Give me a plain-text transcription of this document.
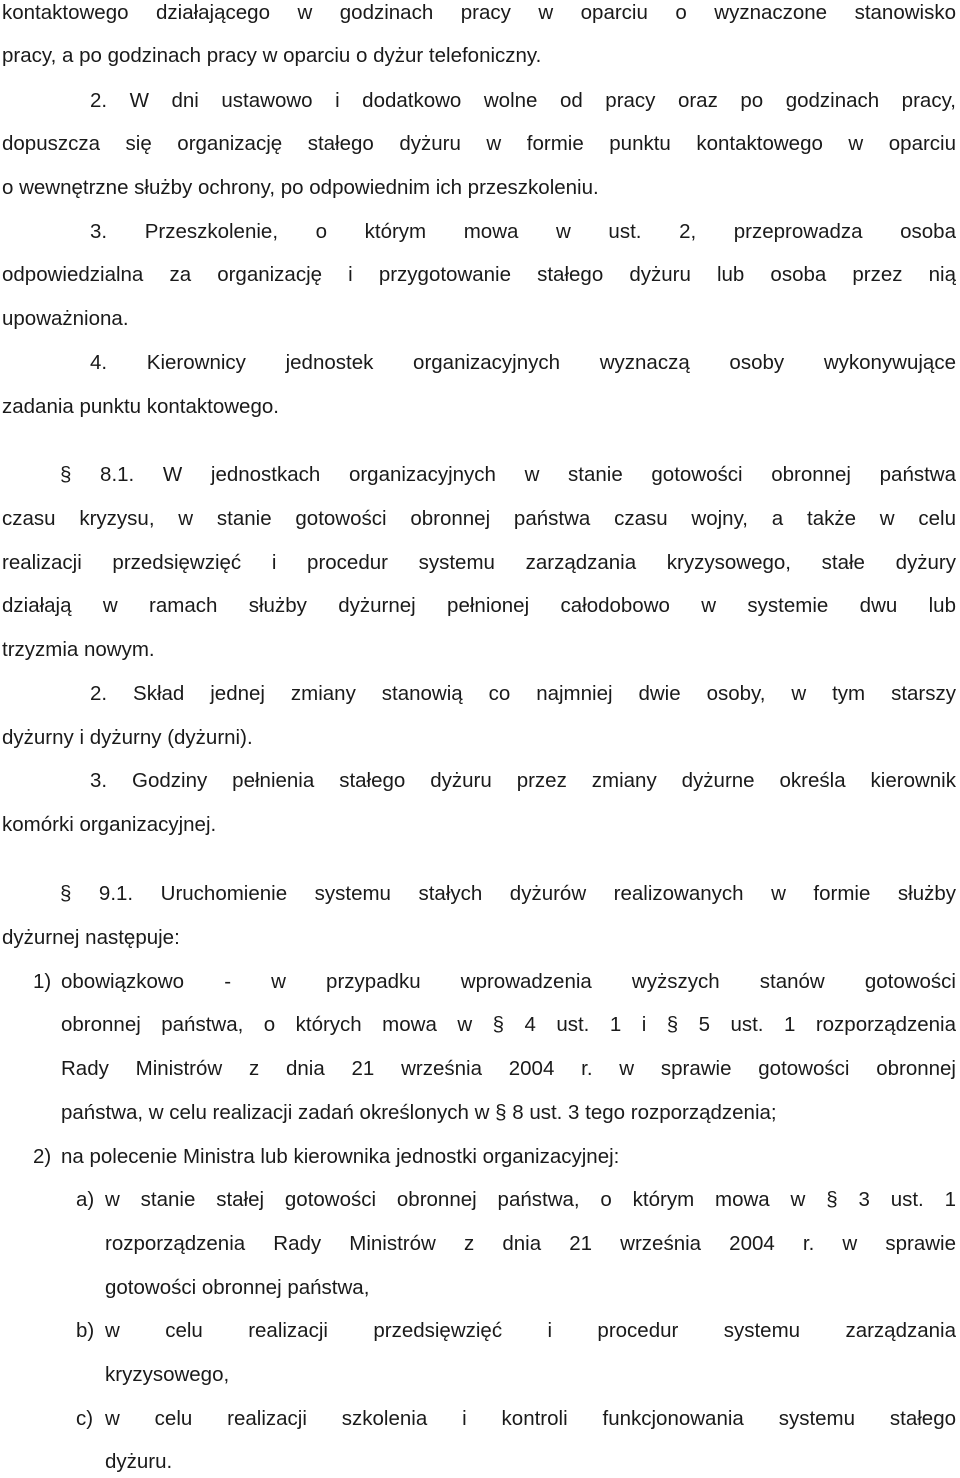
kontaktowego działającego w godzinach pracy w oparciu o wyznaczone stanowisko
pracy, a po godzinach pracy w oparciu o dyżur telefoniczny.
2. W dni ustawowo i dodatkowo wolne od pracy oraz po godzinach pracy,
dopuszcza się organizację stałego dyżuru w formie punktu kontaktowego w oparciu
o wewnętrzne służby ochrony, po odpowiednim ich przeszkoleniu.
3. Przeszkolenie, o którym mowa w ust. 2, przeprowadza osoba
odpowiedzialna za organizację i przygotowanie stałego dyżuru lub osoba przez nią
upoważniona.
4. Kierownicy jednostek organizacyjnych wyznaczą osoby wykonywujące
zadania punktu kontaktowego.
§ 8.1. W jednostkach organizacyjnych w stanie gotowości obronnej państwa
czasu kryzysu, w stanie gotowości obronnej państwa czasu wojny, a także w celu
realizacji przedsięwzięć i procedur systemu zarządzania kryzysowego, stałe dyżury
działają w ramach służby dyżurnej pełnionej całodobowo w systemie dwu lub
trzyzmia nowym.
2. Skład jednej zmiany stanowią co najmniej dwie osoby, w tym starszy
dyżurny i dyżurny (dyżurni).
3. Godziny pełnienia stałego dyżuru przez zmiany dyżurne określa kierownik
komórki organizacyjnej.
§ 9.1. Uruchomienie systemu stałych dyżurów realizowanych w formie służby
dyżurnej następuje:
1) obowiązkowo - w przypadku wprowadzenia wyższych stanów gotowości
obronnej państwa, o których mowa w § 4 ust. 1 i § 5 ust. 1 rozporządzenia
Rady Ministrów z dnia 21 września 2004 r. w sprawie gotowości obronnej
państwa, w celu realizacji zadań określonych w § 8 ust. 3 tego rozporządzenia;
2) na polecenie Ministra lub kierownika jednostki organizacyjnej:
a) w stanie stałej gotowości obronnej państwa, o którym mowa w § 3 ust. 1
rozporządzenia Rady Ministrów z dnia 21 września 2004 r. w sprawie
gotowości obronnej państwa,
b) w celu realizacji przedsięwzięć i procedur systemu zarządzania
kryzysowego,
c) w celu realizacji szkolenia i kontroli funkcjonowania systemu stałego
dyżuru.
